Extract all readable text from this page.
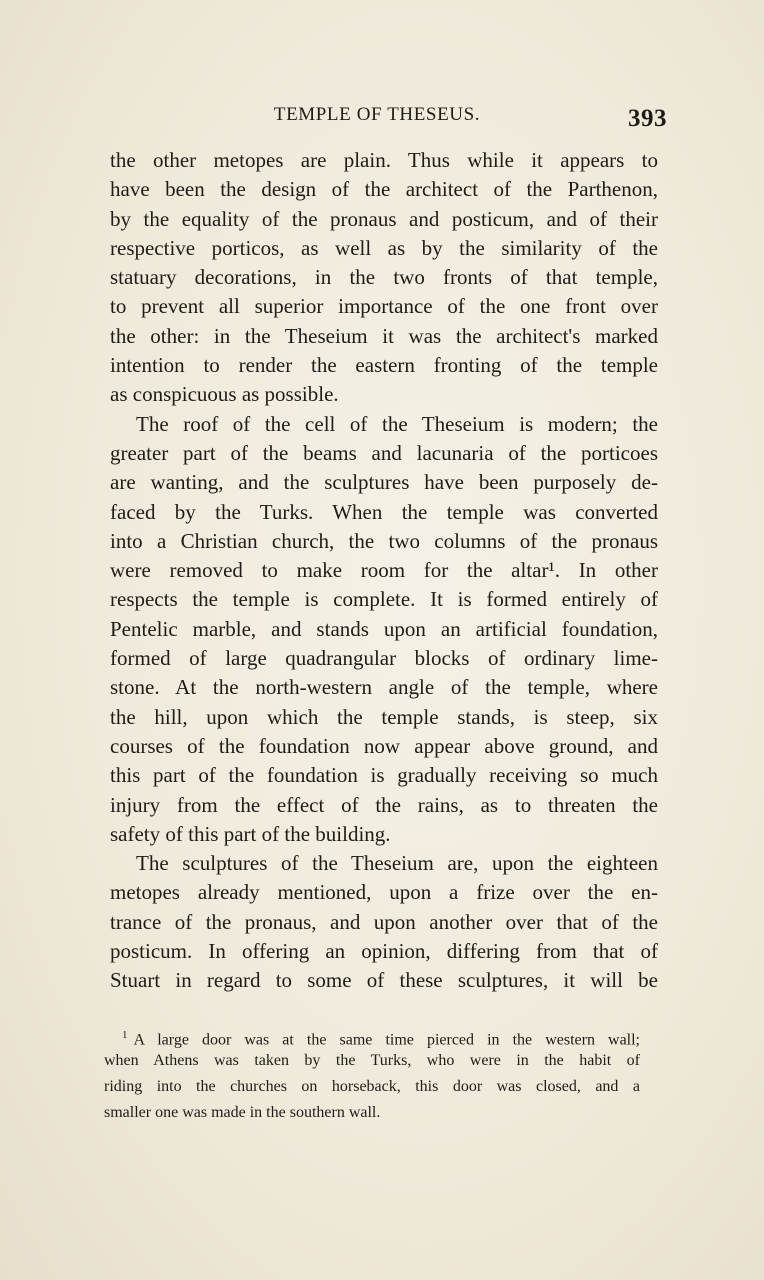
TEMPLE OF THESEUS.	393
the other metopes are plain. Thus while it appears to
have been the design of the architect of the Parthenon,
by the equality of the pronaus and posticum, and of their
respective porticos, as well as by the similarity of the
statuary decorations, in the two fronts of that temple,
to prevent all superior importance of the one front over
the other: in the Theseium it was the architect's marked
intention to render the eastern fronting of the temple
as conspicuous as possible.
The roof of the cell of the Theseium is modern; the
greater part of the beams and lacunaria of the porticoes
are wanting, and the sculptures have been purposely de-
faced by the Turks. When the temple was converted
into a Christian church, the two columns of the pronaus
were removed to make room for the altar¹. In other
respects the temple is complete. It is formed entirely of
Pentelic marble, and stands upon an artificial foundation,
formed of large quadrangular blocks of ordinary lime-
stone. At the north-western angle of the temple, where
the hill, upon which the temple stands, is steep, six
courses of the foundation now appear above ground, and
this part of the foundation is gradually receiving so much
injury from the effect of the rains, as to threaten the
safety of this part of the building.
The sculptures of the Theseium are, upon the eighteen
metopes already mentioned, upon a frize over the en-
trance of the pronaus, and upon another over that of the
posticum. In offering an opinion, differing from that of
Stuart in regard to some of these sculptures, it will be
$^1$ A large door was at the same time pierced in the western wall;
when Athens was taken by the Turks, who were in the habit of
riding into the churches on horseback, this door was closed, and a
smaller one was made in the southern wall.
